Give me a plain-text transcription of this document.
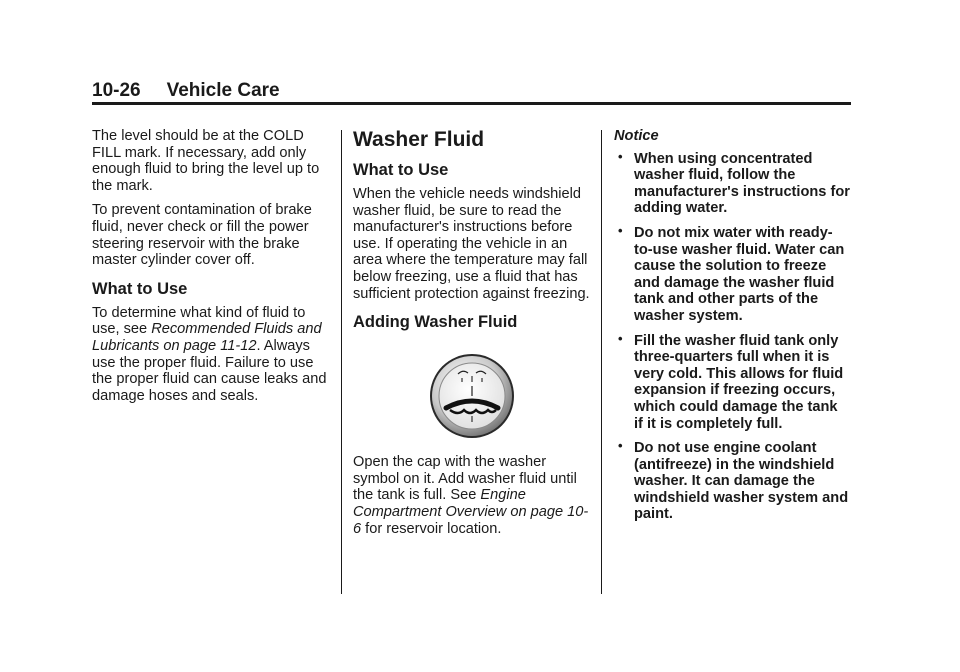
10-26 Vehicle Care

The level should be at the COLD FILL mark. If necessary, add only enough fluid to bring the level up to the mark.

To prevent contamination of brake fluid, never check or fill the power steering reservoir with the brake master cylinder cover off.

What to Use

To determine what kind of fluid to use, see Recommended Fluids and Lubricants on page 11-12. Always use the proper fluid. Failure to use the proper fluid can cause leaks and damage hoses and seals.

Washer Fluid
What to Use

When the vehicle needs windshield washer fluid, be sure to read the manufacturer's instructions before use. If operating the vehicle in an area where the temperature may fall below freezing, use a fluid that has sufficient protection against freezing.

Adding Washer Fluid

Open the cap with the washer symbol on it. Add washer fluid until the tank is full. See Engine Compartment Overview on page 10-6 for reservoir location.

Notice
• When using concentrated washer fluid, follow the manufacturer's instructions for adding water.
• Do not mix water with ready-to-use washer fluid. Water can cause the solution to freeze and damage the washer fluid tank and other parts of the washer system.
• Fill the washer fluid tank only three-quarters full when it is very cold. This allows for fluid expansion if freezing occurs, which could damage the tank if it is completely full.
• Do not use engine coolant (antifreeze) in the windshield washer. It can damage the windshield washer system and paint.
